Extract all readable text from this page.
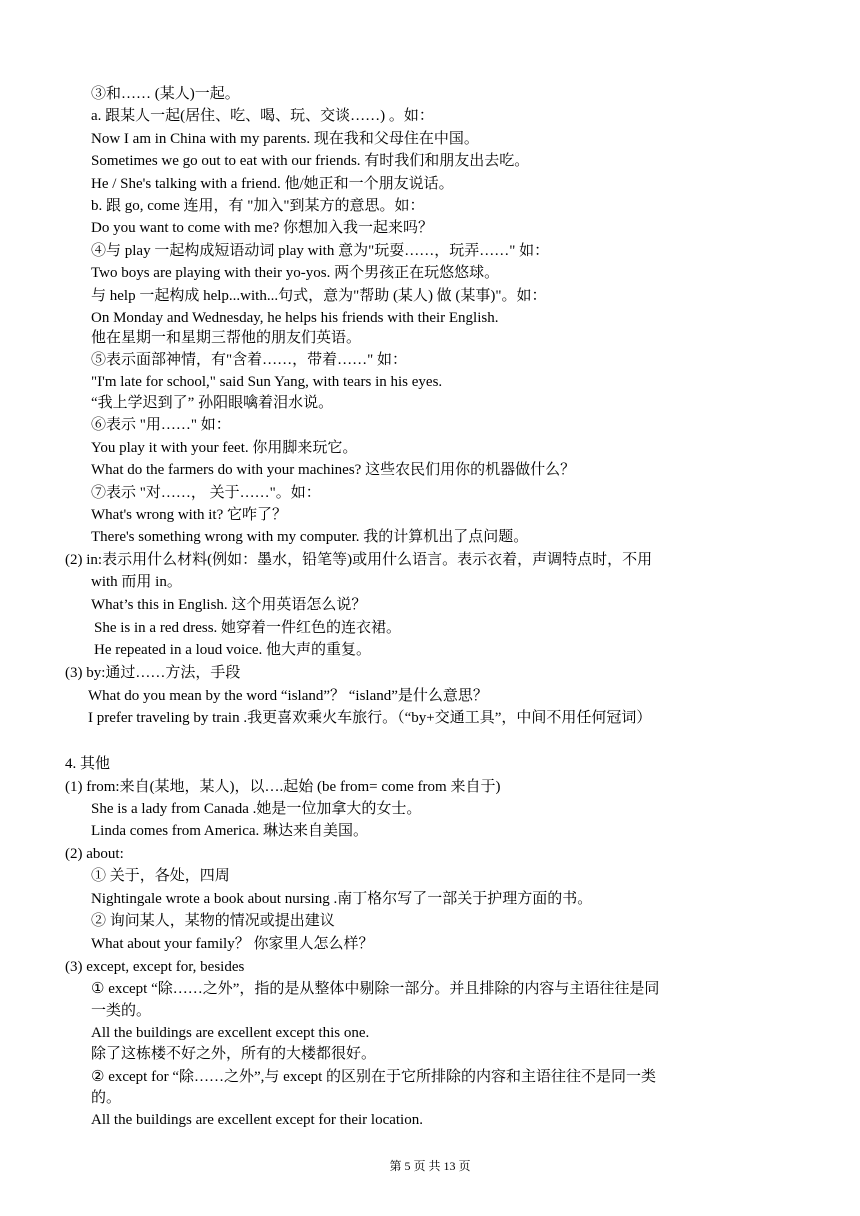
③和…… (某人)一起。
a. 跟某人一起(居住、吃、喝、玩、交谈……) 。如：
Now I am in China with my parents. 现在我和父母住在中国。
Sometimes we go out to eat with our friends. 有时我们和朋友出去吃。
He / She's talking with a friend. 他/她正和一个朋友说话。
b. 跟 go, come 连用，有 "加入"到某方的意思。如：
Do you want to come with me? 你想加入我一起来吗？
④与 play 一起构成短语动词 play with 意为"玩耍……，玩弄……" 如：
Two boys are playing with their yo-yos. 两个男孩正在玩悠悠球。
与 help 一起构成 help...with...句式，意为"帮助 (某人) 做 (某事)"。如：
On Monday and Wednesday, he helps his friends with their English.
他在星期一和星期三帮他的朋友们英语。
⑤表示面部神情，有"含着……，带着……" 如：
"I'm late for school," said Sun Yang, with tears in his eyes.
“我上学迟到了” 孙阳眼噙着泪水说。
⑥表示 "用……" 如：
You play it with your feet. 你用脚来玩它。
What do the farmers do with your machines? 这些农民们用你的机器做什么？
⑦表示 "对……， 关于……"。如：
What's wrong with it? 它咋了？
There's something wrong with my computer. 我的计算机出了点问题。
(2) in:表示用什么材料(例如：墨水，铅笔等)或用什么语言。表示衣着，声调特点时，不用
with 而用 in。
What’s this in English. 这个用英语怎么说？
She is in a red dress. 她穿着一件红色的连衣裙。
He repeated in a loud voice. 他大声的重复。
(3) by:通过……方法，手段
What do you mean by the word “island”？ “island”是什么意思？
I prefer traveling by train .我更喜欢乘火车旅行。（“by+交通工具”，中间不用任何冠词）
4. 其他
(1) from:来自(某地，某人)，以….起始 (be from= come from 来自于)
She is a lady from Canada .她是一位加拿大的女士。
Linda comes from America. 琳达来自美国。
(2) about:
① 关于，各处，四周
Nightingale wrote a book about nursing .南丁格尔写了一部关于护理方面的书。
② 询问某人，某物的情况或提出建议
What about your family？ 你家里人怎么样？
(3) except, except for, besides
① except “除……之外”，指的是从整体中剔除一部分。并且排除的内容与主语往往是同
一类的。
All the buildings are excellent except this one.
除了这栋楼不好之外，所有的大楼都很好。
② except for “除……之外”,与 except 的区别在于它所排除的内容和主语往往不是同一类
的。
All the buildings are excellent except for their location.
第 5 页 共 13 页
